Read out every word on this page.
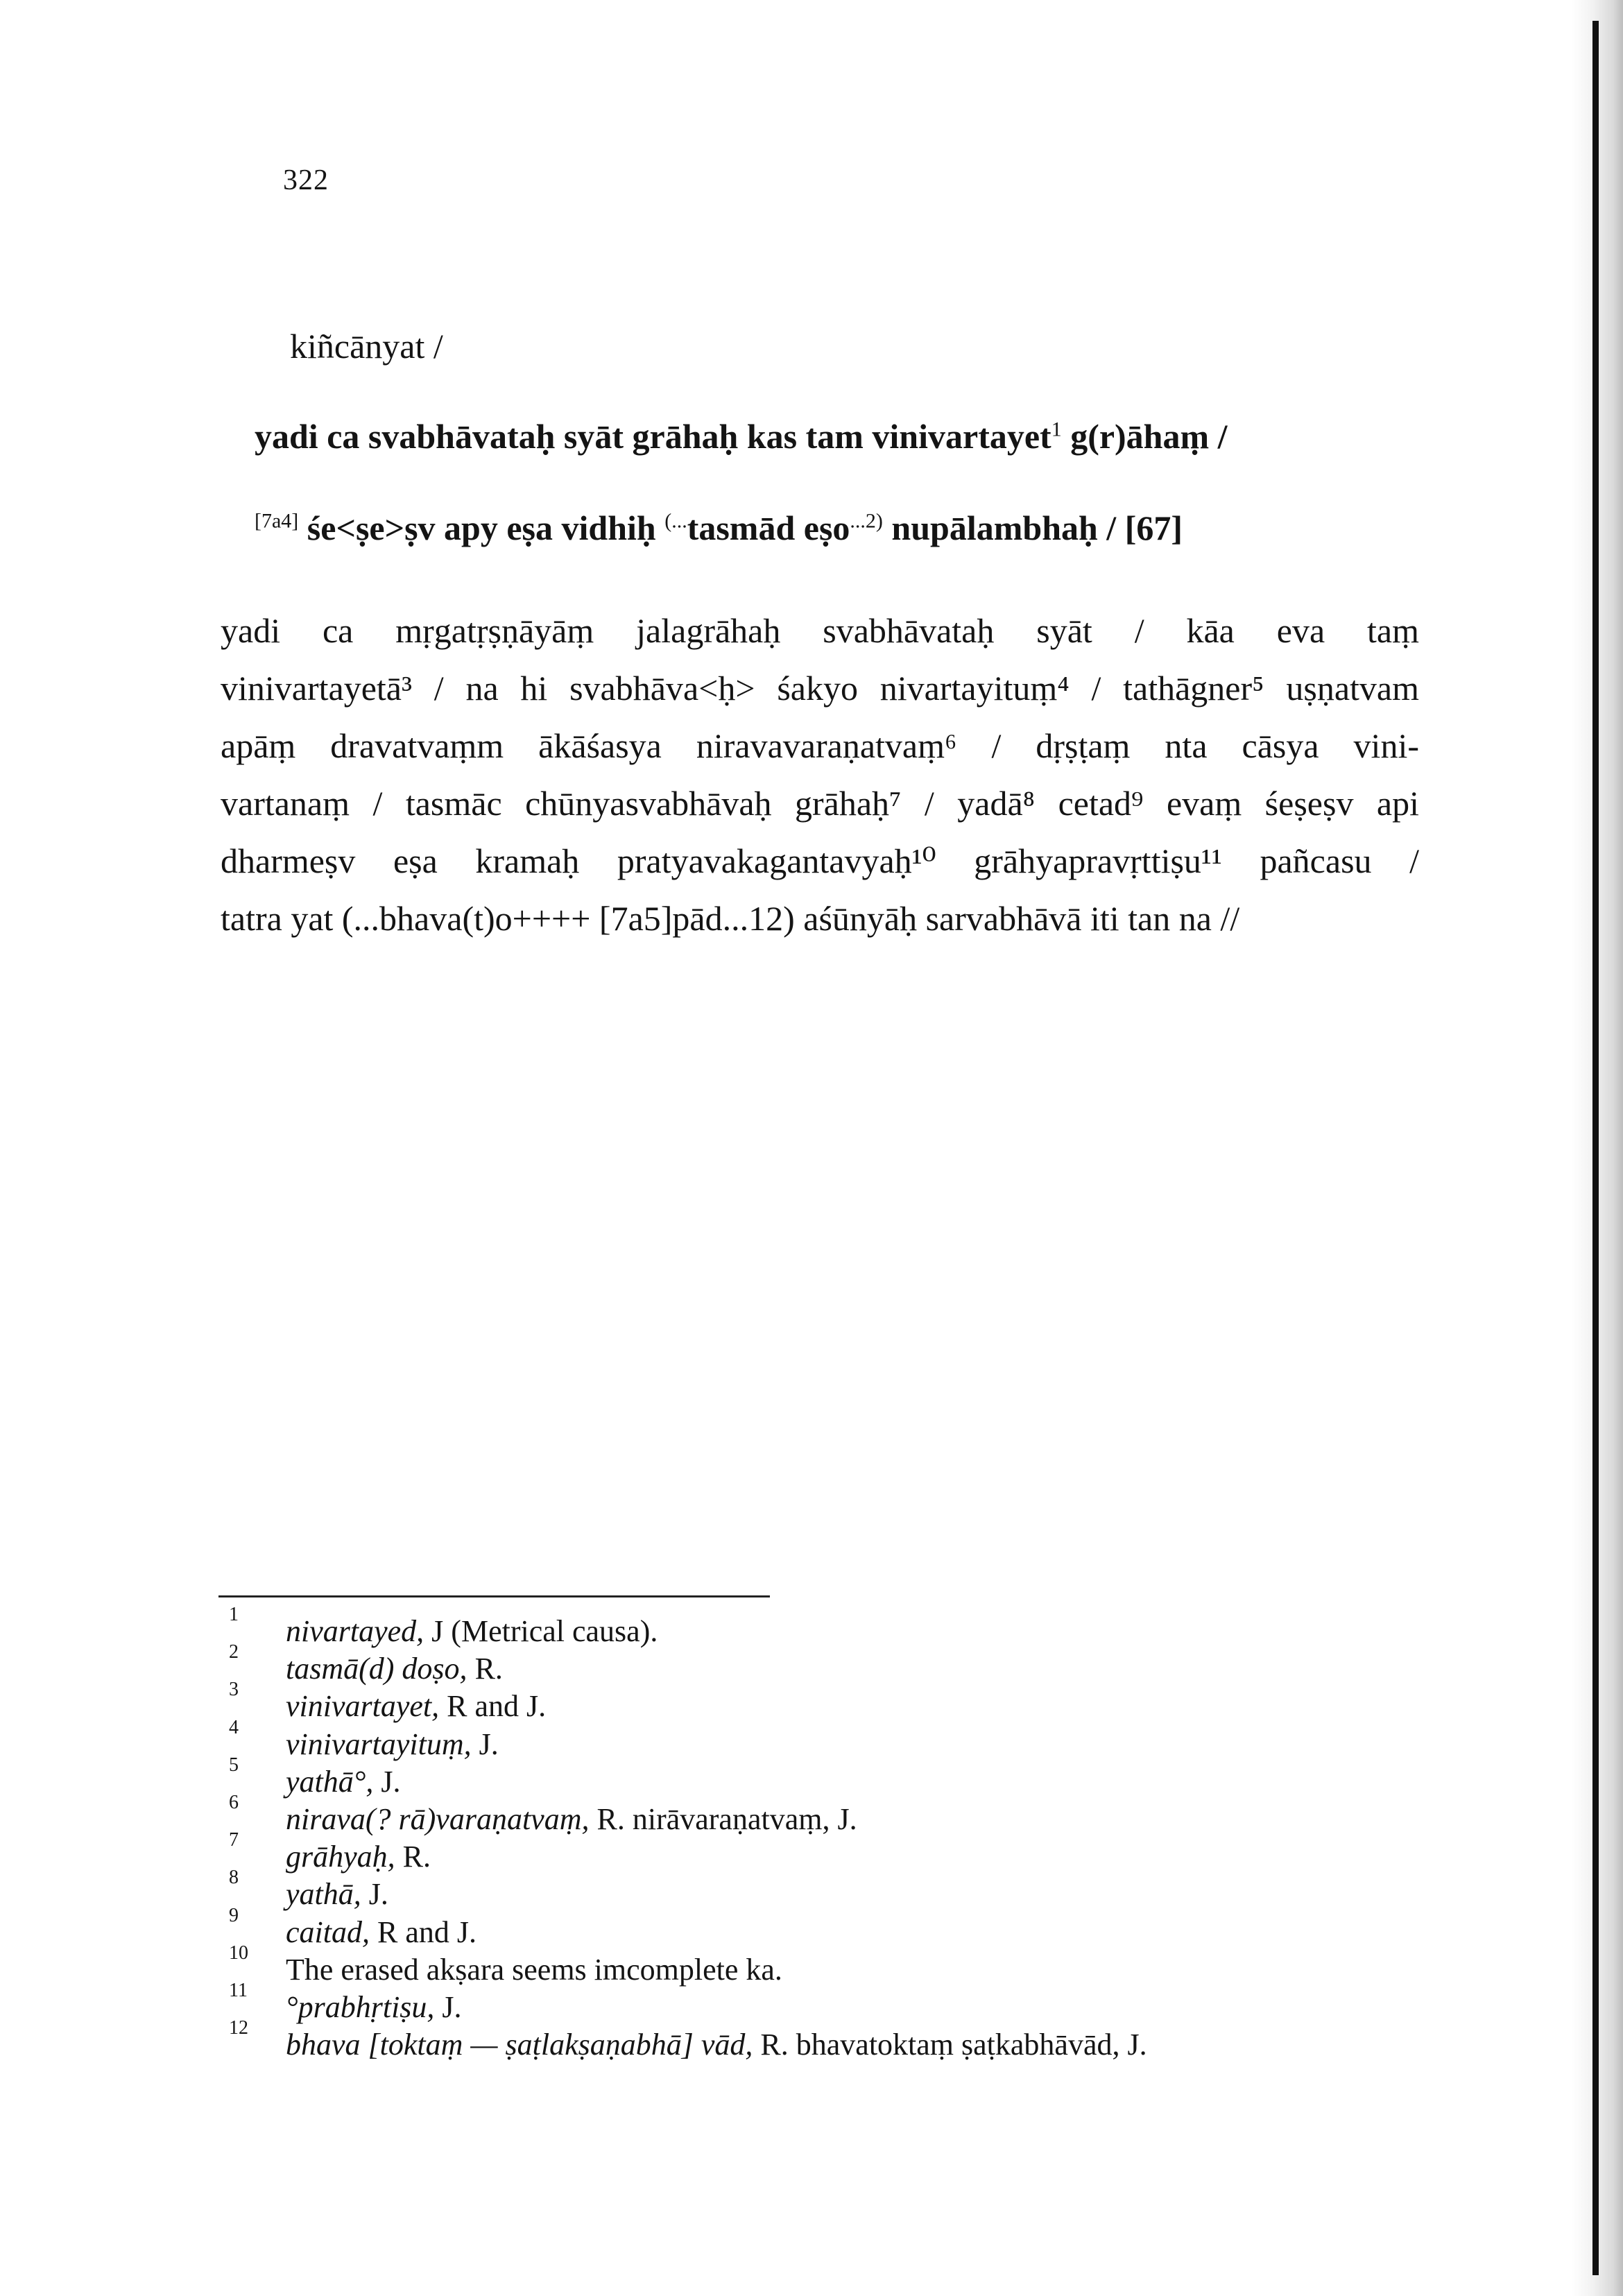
322
kiñcānyat /
yadi ca svabhāvataḥ syāt grāhaḥ kas tam vinivartayet$^1$ g(r)āhaṃ /
[7a4] śe<ṣe>ṣv apy eṣa vidhiḥ (...tasmād eṣo$^{...2)}$ nupālambhaḥ / [67]
yadi ca mṛgatṛṣṇāyāṃ jalagrāhaḥ svabhāvataḥ syāt / kāa eva taṃ
vinivartayetā³ / na hi svabhāva<ḥ> śakyo nivartayituṃ⁴ / tathāgner⁵ uṣṇatvam
apāṃ dravatvaṃm ākāśasya niravavaraṇatvaṃ⁶ / dṛṣṭaṃ nta cāsya vini-
vartanaṃ / tasmāc chūnyasvabhāvaḥ grāhaḥ⁷ / yadā⁸ cetad⁹ evaṃ śeṣeṣv api
dharmeṣv eṣa kramaḥ pratyavakagantavyaḥ¹⁰ grāhyapravṛttiṣu¹¹ pañcasu /
tatra yat (...bhava(t)o++++ [7a5]pād...12) aśūnyāḥ sarvabhāvā iti tan na //
1	nivartayed, J (Metrical causa).
2	tasmā(d) doṣo, R.
3	vinivartayet, R and J.
4	vinivartayituṃ, J.
5	yathā°, J.
6	nirava(? rā)varaṇatvaṃ, R. nirāvaraṇatvaṃ, J.
7	grāhyaḥ, R.
8	yathā, J.
9	caitad, R and J.
10	The erased akṣara seems imcomplete ka.
11	°prabhṛtiṣu, J.
12	bhava [toktaṃ — ṣaṭlakṣaṇabhā] vād, R. bhavatoktaṃ ṣaṭkabhāvād, J.
